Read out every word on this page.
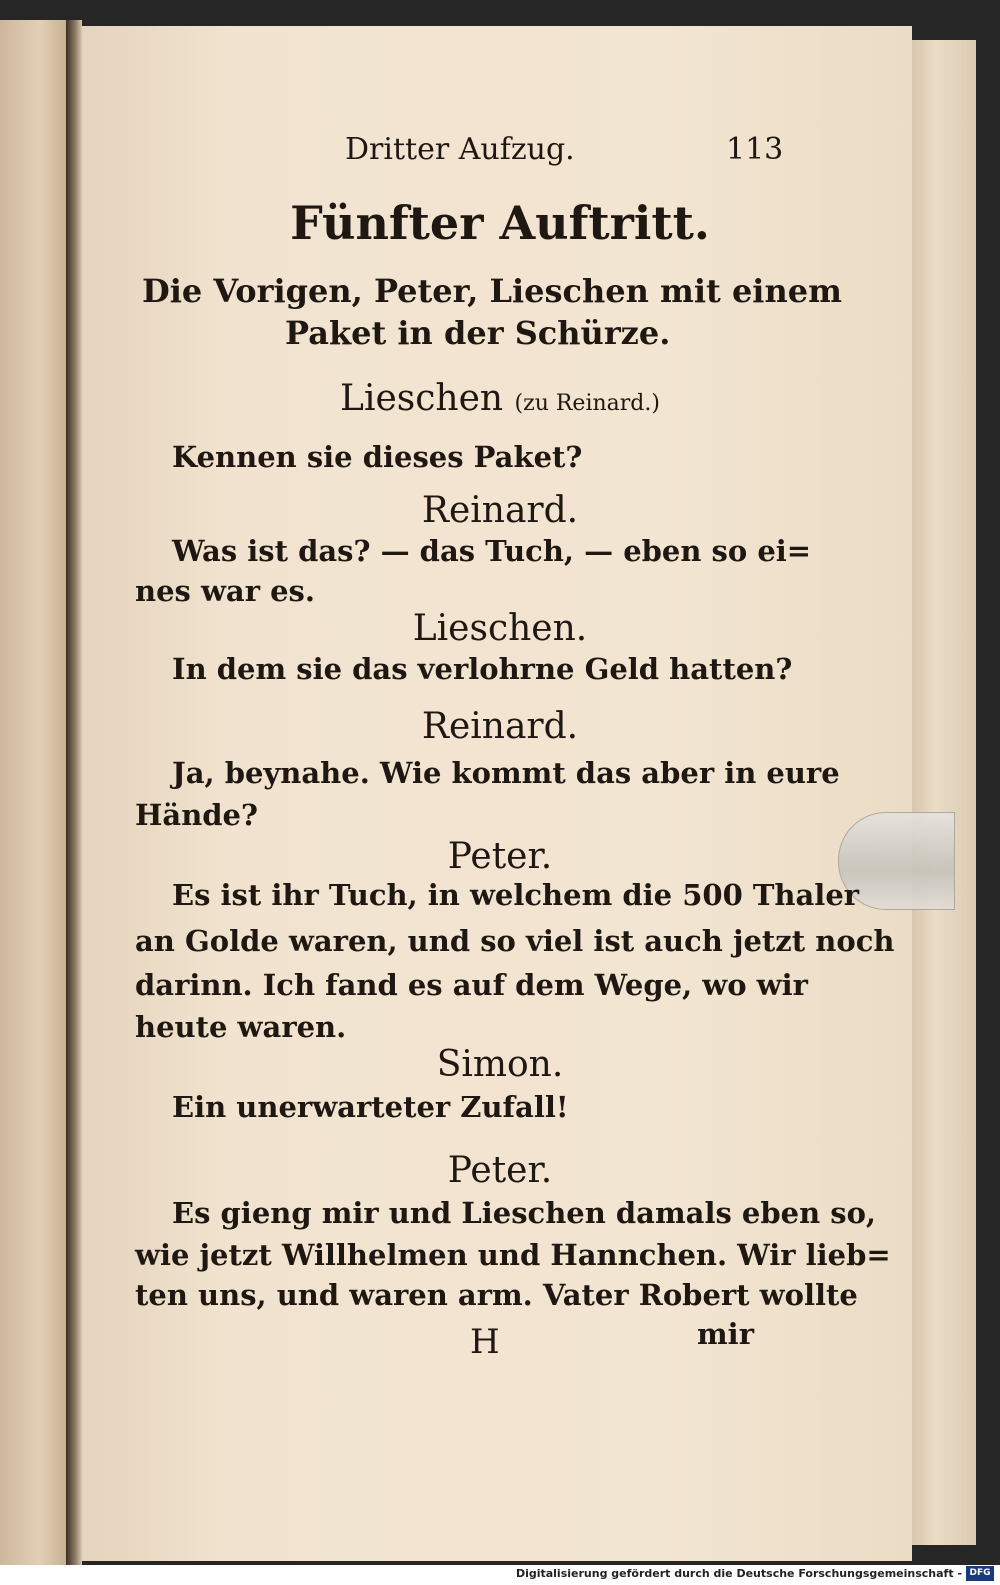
Dritter Aufzug.	113

Fünfter Auftritt.

Die Vorigen, Peter, Lieschen mit einem

Paket in der Schürze.

Lieschen (zu Reinard.)

Kennen sie dieses Paket?

Reinard.

Was ist das? — das Tuch, — eben so ei=

nes war es.

Lieschen.

In dem sie das verlohrne Geld hatten?

Reinard.

Ja, beynahe. Wie kommt das aber in eure

Hände?

Peter.

Es ist ihr Tuch, in welchem die 500 Thaler

an Golde waren, und so viel ist auch jetzt noch

darinn. Ich fand es auf dem Wege, wo wir

heute waren.

Simon.

Ein unerwarteter Zufall!

Peter.

Es gieng mir und Lieschen damals eben so,

wie jetzt Willhelmen und Hannchen. Wir lieb=

ten uns, und waren arm. Vater Robert wollte

H	mir

Digitalisierung gefördert durch die Deutsche Forschungsgemeinschaft - DFG
